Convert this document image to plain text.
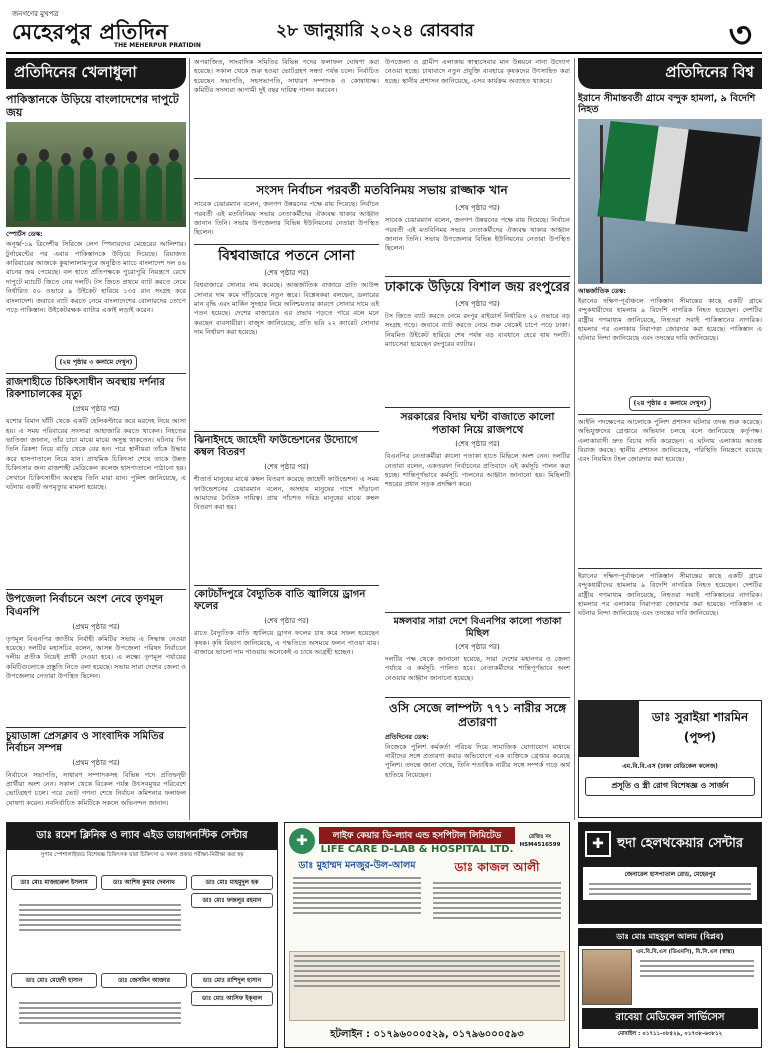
জনগণের মুখপত্র
মেহেরপুর প্রতিদিন
THE MEHERPUR PRATIDIN
২৮ জানুয়ারি ২০২৪ রোববার	৩
প্রতিদিনের খেলাধুলা
পাকিস্তানকে উড়িয়ে বাংলাদেশের দাপুটে জয়
স্পোর্টস ডেস্ক:

অনূর্ধ্ব-১৯ ত্রিদেশীয় সিরিজে লেগ স্পিনারদের মেহেরের আলিশার। টুর্নামেন্টের পর এবার পাকিস্তানকে উড়িয়ে দিয়েছে। রিয়াজত কারিয়ারের আজকে কুয়ালালামপুরে অনুষ্ঠিত ম্যাচে বাংলাদেশ দল ৪৬ রানের জয় পেয়েছে। বল হাতে প্রতিপক্ষকে পুরোপুরি নিয়ন্ত্রণে রেখে দাপুটে ম্যাচটি জিতে নেয় দলটি। টস জিতে প্রথমে ব্যাট করতে নেমে নির্ধারিত ৫০ ওভারে ৯ উইকেট হারিয়ে ১৩৫ রান সংগ্রহ করে বাংলাদেশ। জবাবে ব্যাট করতে নেমে বাংলাদেশের বোলারদের তোপে পড়ে পাকিস্তান। উইকেটরক্ষক ব্যাটার একাই লড়াই করেন।

(২য় পৃষ্ঠার ৩ কলামে দেখুন)
রাজশাহীতে চিকিৎসাধীন অবস্থায় দর্শনার রিকশাচালকের মৃত্যু
(প্রথম পৃষ্ঠার পর)

যশোর বিমান ঘাঁটি থেকে একটি হেলিকপ্টারে করে মরদেহ নিয়ে আসা হয়। এ সময় পরিবারের সদস্যরা আহাজারি করতে থাকেন। নিহতের ভাতিজা জানান, তাঁর চাচা মাঝে মাঝে অসুস্থ থাকতেন। ঘটনার দিন তিনি রিকশা নিয়ে বাড়ি থেকে বের হন। পরে স্থানীয়রা তাঁকে উদ্ধার করে হাসপাতালে নিয়ে যান। প্রাথমিক চিকিৎসা শেষে তাকে উন্নত চিকিৎসার জন্য রাজশাহী মেডিকেল কলেজ হাসপাতালে পাঠানো হয়। সেখানে চিকিৎসাধীন অবস্থায় তিনি মারা যান। পুলিশ জানিয়েছে, এ ঘটনায় একটি অপমৃত্যুর মামলা হয়েছে।

উপজেলা নির্বাচনে অংশ নেবে তৃণমূল বিএনপি
(প্রথম পৃষ্ঠার পর)

তৃণমূল বিএনপির জাতীয় নির্বাহী কমিটির সভায় এ সিদ্ধান্ত নেওয়া হয়েছে। দলটির মহাসচিব বলেন, আসন্ন উপজেলা পরিষদ নির্বাচনে দলীয় প্রতীক নিয়েই প্রার্থী দেওয়া হবে। এ লক্ষ্যে তৃণমূল পর্যায়ের কমিটিগুলোকে প্রস্তুতি নিতে বলা হয়েছে। সভায় সারা দেশের জেলা ও উপজেলার নেতারা উপস্থিত ছিলেন।

চুয়াডাঙ্গা প্রেসক্লাব ও সাংবাদিক সমিতির নির্বাচন সম্পন্ন
(প্রথম পৃষ্ঠার পর)

নির্বাচনে সভাপতি, সাধারণ সম্পাদকসহ বিভিন্ন পদে প্রতিদ্বন্দ্বী প্রার্থীরা অংশ নেন। সকাল থেকে বিকেল পর্যন্ত উৎসবমুখর পরিবেশে ভোটগ্রহণ চলে। পরে ভোট গণনা শেষে নির্বাচন কমিশনার ফলাফল ঘোষণা করেন। নবনির্বাচিত কমিটিকে সকলে অভিনন্দন জানান।

অপরাজিত, সাংবাদিক সমিতির বিভিন্ন পদের ফলাফল ঘোষণা করা হয়েছে। সকাল থেকে শুরু হওয়া ভোটগ্রহণ সন্ধ্যা পর্যন্ত চলে। নির্বাচিত হয়েছেন সভাপতি, সহসভাপতি, সাধারণ সম্পাদক ও কোষাধ্যক্ষ। কমিটির সদস্যরা আগামী দুই বছর দায়িত্ব পালন করবেন।

উপজেলা ও গ্রামীণ এলাকায় স্বাস্থ্যসেবার মান উন্নয়নে নানা উদ্যোগ নেওয়া হচ্ছে। চাষাবাদে নতুন প্রযুক্তি ব্যবহারে কৃষকদের উৎসাহিত করা হচ্ছে। স্থানীয় প্রশাসন জানিয়েছে, এসব কার্যক্রম অব্যাহত থাকবে।

সংসদ নির্বাচন পরবর্তী মতবিনিময় সভায় রাজ্জাক খান

সাবেক চেয়ারম্যান বলেন, জনগণ উন্নয়নের পক্ষে রায় দিয়েছে। নির্বাচন পরবর্তী এই মতবিনিময় সভায় নেতাকর্মীদের ঐক্যবদ্ধ থাকার আহ্বান জানান তিনি। সভায় উপজেলার বিভিন্ন ইউনিয়নের নেতারা উপস্থিত ছিলেন।

বিশ্ববাজারে পতনে সোনা
(শেষ পৃষ্ঠার পর)

বিশ্ববাজারে সোনার দাম কমেছে। আন্তর্জাতিক বাজারে প্রতি আউন্স সোনার দাম কমে দাঁড়িয়েছে নতুন স্তরে। বিশ্লেষকরা বলছেন, ডলারের মান বৃদ্ধি এবং মার্কিন সুদহার নিয়ে অনিশ্চয়তার কারণে সোনার দামে এই পতন হয়েছে। দেশের বাজারেও এর প্রভাব পড়তে পারে বলে মনে করছেন ব্যবসায়ীরা। বাজুস জানিয়েছে, প্রতি ভরি ২২ ক্যারেট সোনার দাম নির্ধারণ করা হয়েছে।

ঝিনাইদহে জাহেদী ফাউন্ডেশনের উদ্যোগে কম্বল বিতরণ
(শেষ পৃষ্ঠার পর)

শীতার্ত মানুষের মাঝে কম্বল বিতরণ করেছে জাহেদী ফাউন্ডেশন। এ সময় ফাউন্ডেশনের চেয়ারম্যান বলেন, অসহায় মানুষের পাশে দাঁড়ানো আমাদের নৈতিক দায়িত্ব। প্রায় পাঁচশত দরিদ্র মানুষের মাঝে কম্বল বিতরণ করা হয়।

কোটচাঁদপুরে বৈদ্যুতিক বাতি জ্বালিয়ে ড্রাগন ফলের
(শেষ পৃষ্ঠার পর)

রাতে বৈদ্যুতিক বাতি জ্বালিয়ে ড্রাগন ফলের চাষ করে সফল হয়েছেন কৃষক। কৃষি বিভাগ জানিয়েছে, এ পদ্ধতিতে অসময়ে ফলন পাওয়া যায়। বাজারে ভালো দাম পাওয়ায় অনেকেই এ চাষে আগ্রহী হচ্ছেন।

(শেষ পৃষ্ঠার পর)

সাবেক চেয়ারম্যান বলেন, জনগণ উন্নয়নের পক্ষে রায় দিয়েছে। নির্বাচন পরবর্তী এই মতবিনিময় সভায় নেতাকর্মীদের ঐক্যবদ্ধ থাকার আহ্বান জানান তিনি। সভায় উপজেলার বিভিন্ন ইউনিয়নের নেতারা উপস্থিত ছিলেন।

ঢাকাকে উড়িয়ে বিশাল জয় রংপুরের
(শেষ পৃষ্ঠার পর)

টস জিতে ব্যাট করতে নেমে রংপুর রাইডার্স নির্ধারিত ২০ ওভারে বড় সংগ্রহ গড়ে। জবাবে ব্যাট করতে নেমে শুরু থেকেই চাপে পড়ে ঢাকা। নিয়মিত উইকেট হারিয়ে শেষ পর্যন্ত বড় ব্যবধানে হেরে যায় দলটি। ম্যাচসেরা হয়েছেন রংপুরের ব্যাটার।

সরকারের বিদায় ঘন্টা বাজাতে কালো পতাকা নিয়ে রাজপথে
(শেষ পৃষ্ঠার পর)

বিএনপির নেতাকর্মীরা কালো পতাকা হাতে মিছিলে অংশ নেন। দলটির নেতারা বলেন, একতরফা নির্বাচনের প্রতিবাদে এই কর্মসূচি পালন করা হচ্ছে। শান্তিপূর্ণভাবে কর্মসূচি পালনের আহ্বান জানানো হয়। মিছিলটি শহরের প্রধান সড়ক প্রদক্ষিণ করে।

মঙ্গলবার সারা দেশে বিএনপির কালো পতাকা মিছিল
(শেষ পৃষ্ঠার পর)

দলটির পক্ষ থেকে জানানো হয়েছে, সারা দেশের মহানগর ও জেলা পর্যায়ে এ কর্মসূচি পালিত হবে। নেতাকর্মীদের শান্তিপূর্ণভাবে অংশ নেওয়ার আহ্বান জানানো হয়েছে।

ওসি সেজে লাম্পট্য ৭৭১ নারীর সঙ্গে প্রতারণা
প্রতিদিনের ডেস্ক:

নিজেকে পুলিশ কর্মকর্তা পরিচয় দিয়ে সামাজিক যোগাযোগ মাধ্যমে নারীদের সঙ্গে প্রতারণা করার অভিযোগে এক ব্যক্তিকে গ্রেপ্তার করেছে পুলিশ। তদন্তে জানা গেছে, তিনি শতাধিক নারীর সঙ্গে সম্পর্ক গড়ে অর্থ হাতিয়ে নিয়েছেন।

প্রতিদিনের বিশ্ব
ইরানে সীমান্তবর্তী গ্রামে বন্দুক হামলা, ৯ বিদেশি নিহত
আন্তর্জাতিক ডেস্ক:

ইরানের দক্ষিণ-পূর্বাঞ্চলে পাকিস্তান সীমান্তের কাছে একটি গ্রামে বন্দুকধারীদের হামলায় ৯ বিদেশি নাগরিক নিহত হয়েছেন। দেশটির রাষ্ট্রীয় গণমাধ্যম জানিয়েছে, নিহতরা সবাই পাকিস্তানের নাগরিক। হামলার পর এলাকায় নিরাপত্তা জোরদার করা হয়েছে। পাকিস্তান এ ঘটনার নিন্দা জানিয়েছে এবং তদন্তের দাবি জানিয়েছে।

(২য় পৃষ্ঠার ৫ কলামে দেখুন)

আইনি পদক্ষেপের আলোকে পুলিশ প্রশাসন ঘটনার তদন্ত শুরু করেছে। অভিযুক্তদের গ্রেপ্তারে অভিযান চলছে বলে জানিয়েছে কর্তৃপক্ষ। এলাকাবাসী দ্রুত বিচার দাবি করেছেন। এ ঘটনায় এলাকায় আতঙ্ক বিরাজ করছে। স্থানীয় প্রশাসন জানিয়েছে, পরিস্থিতি নিয়ন্ত্রণে রয়েছে এবং নিয়মিত টহল জোরদার করা হয়েছে।

ইরানের দক্ষিণ-পূর্বাঞ্চলে পাকিস্তান সীমান্তের কাছে একটি গ্রামে বন্দুকধারীদের হামলায় ৯ বিদেশি নাগরিক নিহত হয়েছেন। দেশটির রাষ্ট্রীয় গণমাধ্যম জানিয়েছে, নিহতরা সবাই পাকিস্তানের নাগরিক। হামলার পর এলাকায় নিরাপত্তা জোরদার করা হয়েছে। পাকিস্তান এ ঘটনার নিন্দা জানিয়েছে এবং তদন্তের দাবি জানিয়েছে।

ডাঃ সুরাইয়া শারমিন (পুষ্প)
এম.বি.বি.এস (ঢাকা মেডিকেল কলেজ)
প্রসূতি ও স্ত্রী রোগ বিশেষজ্ঞ ও সার্জন
ডাঃ রমেশ ক্লিনিক ও ল্যাব এইড ডায়াগনস্টিক সেন্টার
সুপার স্পেশালাইজড বিশেষজ্ঞ চিকিৎসক দ্বারা চিকিৎসা ও সকল প্রকার পরীক্ষা-নিরীক্ষা করা হয়
ডাঃ মোঃ মাজহারুল ইসলাম	ডাঃ আশিষ কুমার দেবনাথ	ডাঃ মোঃ মাহমুদুল হক
ডাঃ মোঃ ফজলুর রহমান
ডাঃ মোঃ মেহেদী হাসান	ডাঃ জেসমিন আক্তার	ডাঃ মোঃ রাশিদুল হাসান
ডাঃ মোঃ আসিফ ইক্‌বাল
✚	লাইফ কেয়ার ডি-ল্যাব এন্ড হসপিটাল লিমিটেড
LIFE CARE D-LAB & HOSPITAL LTD.
রেজিঃ নং HSM4516599
ডাঃ মুহাম্মদ মনজুর-উল-আলম	ডাঃ কাজল আলী
হটলাইন : ০১৭৯৬০০০৫২৯, ০১৭৯৬০০০৫৯৩
✚	হুদা হেলথকেয়ার সেন্টার
জেনারেল হাসপাতাল রোড, মেহেরপুর
ডাঃ মোঃ মাহবুবুল আলম (বিপ্লব)
এম.বি.বি.এস (ডিএমসি), বি.সি.এস (স্বাস্থ্য)
রাবেয়া মেডিকেল সার্ভিসেস
মোবাইল : ০১৭১১-০৮৫২৯, ০১৭৩৮-৬৩৮১২
